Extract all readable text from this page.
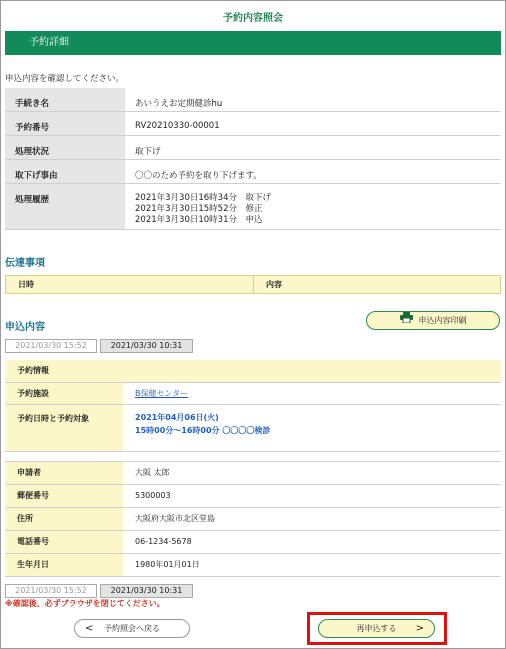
予約内容照会
予約詳細
申込内容を確認してください。
手続き名	あいうえお定期健診hu
予約番号	RV20210330-00001
処理状況	取下げ
取下げ事由	〇〇のため予約を取り下げます。
処理履歴	2021年3月30日16時34分　取下げ
2021年3月30日15時52分　修正
2021年3月30日10時31分　申込
伝達事項
日時	内容
申込内容
申込内容印刷
2021/03/30 15:52	2021/03/30 10:31
予約情報	
予約施設	B保健センター
予約日時と予約対象	2021年04月06日(火)
15時00分～16時00分 〇〇〇〇検診

申請者	大阪 太郎
郵便番号	5300003
住所	大阪府大阪市北区堂島
電話番号	06-1234-5678
生年月日	1980年01月01日
2021/03/30 15:52	2021/03/30 10:31
※確認後、必ずブラウザを閉じてください。
< 予約照会へ戻る	再申込する >
